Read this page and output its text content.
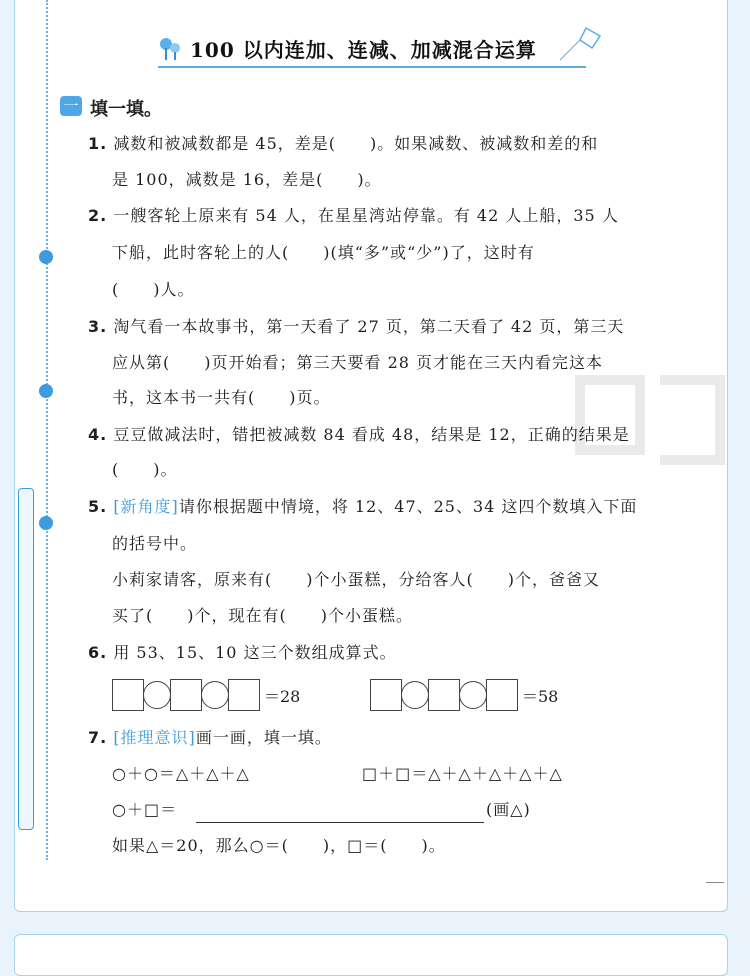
100 以内连加、连减、加减混合运算
一 填一填。
1. 减数和被减数都是 45，差是(　　)。如果减数、被减数和差的和
是 100，减数是 16，差是(　　)。
2. 一艘客轮上原来有 54 人，在星星湾站停靠。有 42 人上船，35 人
下船，此时客轮上的人(　　)(填“多”或“少”)了，这时有
(　　)人。
3. 淘气看一本故事书，第一天看了 27 页，第二天看了 42 页，第三天
应从第(　　)页开始看；第三天要看 28 页才能在三天内看完这本
书，这本书一共有(　　)页。
4. 豆豆做减法时，错把被减数 84 看成 48，结果是 12，正确的结果是
(　　)。
5. [新角度]请你根据题中情境，将 12、47、25、34 这四个数填入下面
的括号中。
小莉家请客，原来有(　　)个小蛋糕，分给客人(　　)个，爸爸又
买了(　　)个，现在有(　　)个小蛋糕。
6. 用 53、15、10 这三个数组成算式。
＝28	＝58
7. [推理意识]画一画，填一填。
○＋○＝△＋△＋△	□＋□＝△＋△＋△＋△＋△
○＋□＝	(画△)
如果△＝20，那么○＝(　　)，□＝(　　)。
